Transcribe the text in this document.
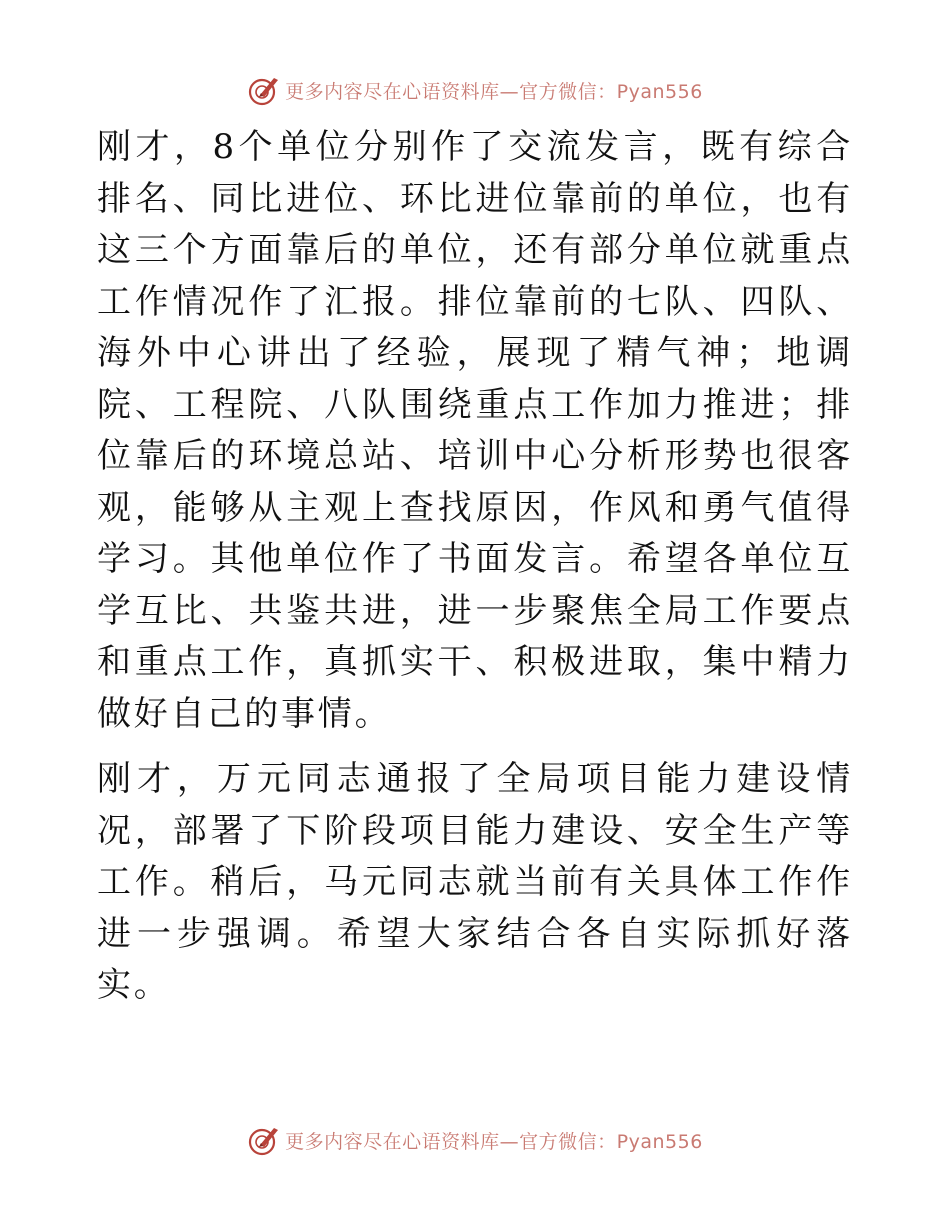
更多内容尽在心语资料库—官方微信：Pyan556

刚才，8个单位分别作了交流发言，既有综合排名、同比进位、环比进位靠前的单位，也有这三个方面靠后的单位，还有部分单位就重点工作情况作了汇报。排位靠前的七队、四队、海外中心讲出了经验，展现了精气神；地调院、工程院、八队围绕重点工作加力推进；排位靠后的环境总站、培训中心分析形势也很客观，能够从主观上查找原因，作风和勇气值得学习。其他单位作了书面发言。希望各单位互学互比、共鉴共进，进一步聚焦全局工作要点和重点工作，真抓实干、积极进取，集中精力做好自己的事情。

刚才，万元同志通报了全局项目能力建设情况，部署了下阶段项目能力建设、安全生产等工作。稍后，马元同志就当前有关具体工作作进一步强调。希望大家结合各自实际抓好落实。

更多内容尽在心语资料库—官方微信：Pyan556
